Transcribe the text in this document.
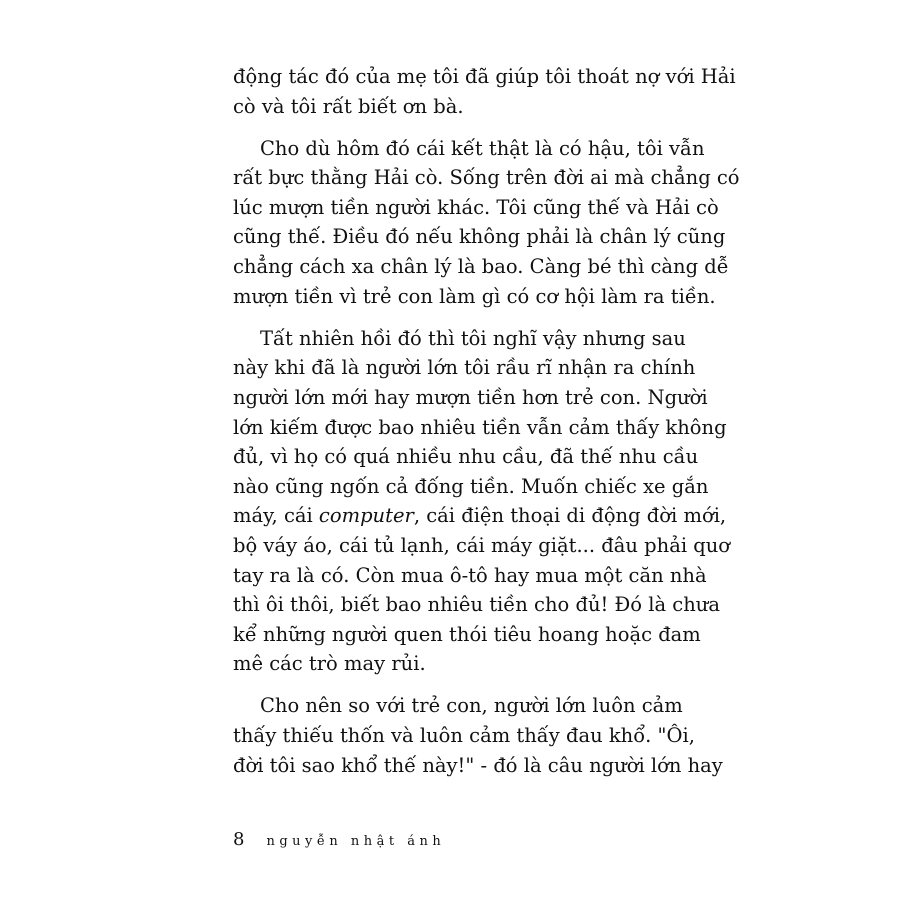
động tác đó của mẹ tôi đã giúp tôi thoát nợ với Hải
cò và tôi rất biết ơn bà.

Cho dù hôm đó cái kết thật là có hậu, tôi vẫn
rất bực thằng Hải cò. Sống trên đời ai mà chẳng có
lúc mượn tiền người khác. Tôi cũng thế và Hải cò
cũng thế. Điều đó nếu không phải là chân lý cũng
chẳng cách xa chân lý là bao. Càng bé thì càng dễ
mượn tiền vì trẻ con làm gì có cơ hội làm ra tiền.

Tất nhiên hồi đó thì tôi nghĩ vậy nhưng sau
này khi đã là người lớn tôi rầu rĩ nhận ra chính
người lớn mới hay mượn tiền hơn trẻ con. Người
lớn kiếm được bao nhiêu tiền vẫn cảm thấy không
đủ, vì họ có quá nhiều nhu cầu, đã thế nhu cầu
nào cũng ngốn cả đống tiền. Muốn chiếc xe gắn
máy, cái computer, cái điện thoại di động đời mới,
bộ váy áo, cái tủ lạnh, cái máy giặt... đâu phải quơ
tay ra là có. Còn mua ô-tô hay mua một căn nhà
thì ôi thôi, biết bao nhiêu tiền cho đủ! Đó là chưa
kể những người quen thói tiêu hoang hoặc đam
mê các trò may rủi.

Cho nên so với trẻ con, người lớn luôn cảm
thấy thiếu thốn và luôn cảm thấy đau khổ. "Ôi,
đời tôi sao khổ thế này!" - đó là câu người lớn hay

8 nguyễn nhật ánh
